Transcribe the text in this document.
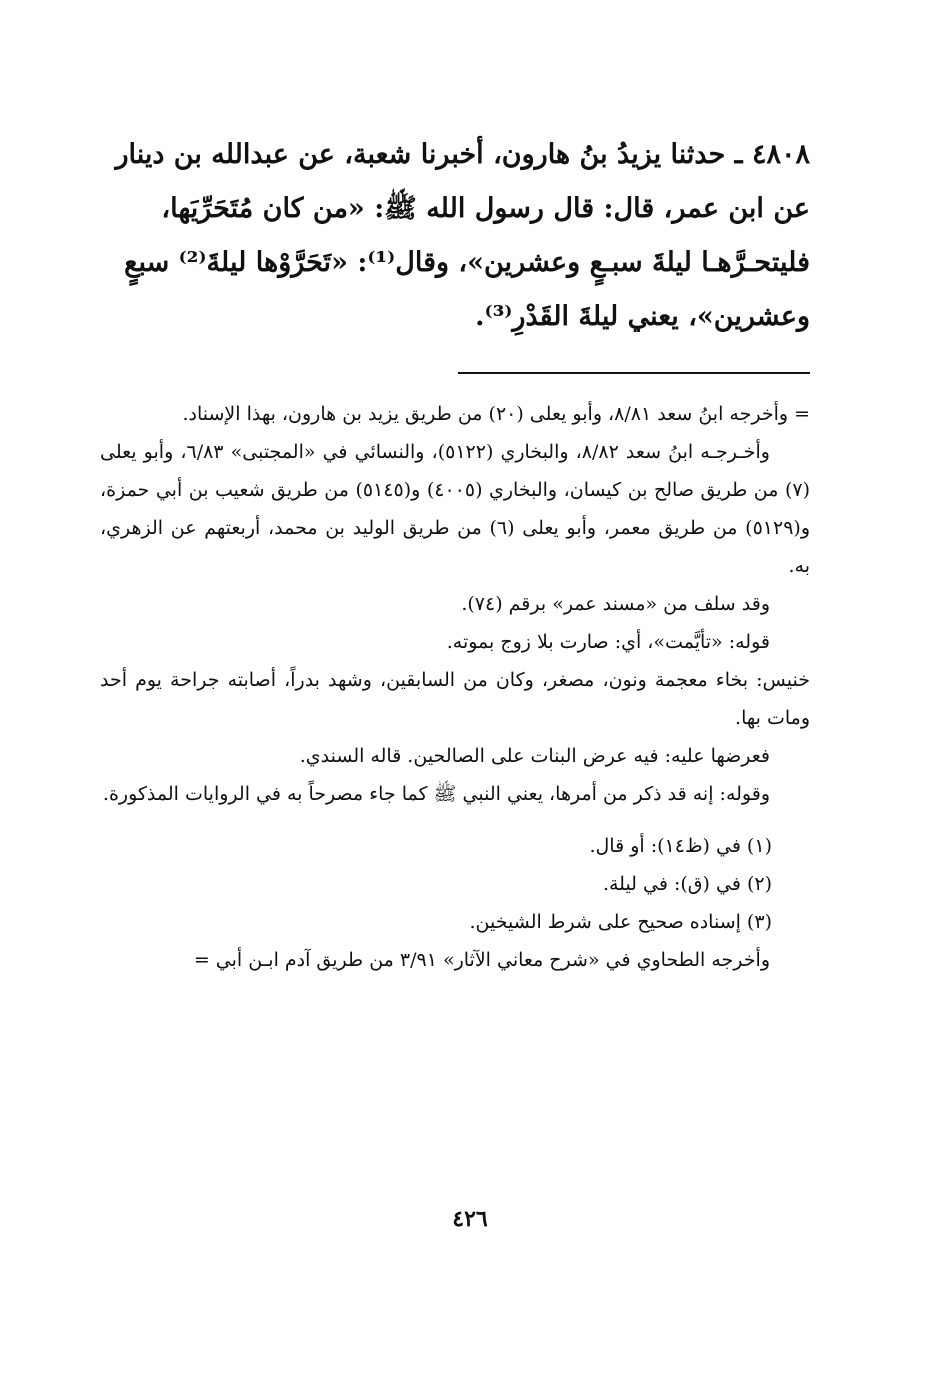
٤٨٠٨ ـ حدثنا يزيدُ بنُ هارون، أخبرنا شعبة، عن عبدالله بن دينار
عن ابن عمر، قال: قال رسول الله ﷺ: «من كان مُتَحَرِّيَها،
فليتحـرَّهـا ليلةَ سبـعٍ وعشرين»، وقال⁽¹⁾: «تَحَرَّوْها ليلةَ⁽²⁾ سبعٍ
وعشرين»، يعني ليلةَ القَدْرِ⁽³⁾.

= وأخرجه ابنُ سعد ٨/٨١، وأبو يعلى (٢٠) من طريق يزيد بن هارون، بهذا الإسناد.

وأخـرجـه ابنُ سعد ٨/٨٢، والبخاري (٥١٢٢)، والنسائي في «المجتبى» ٦/٨٣، وأبو يعلى (٧) من طريق صالح بن كيسان، والبخاري (٤٠٠٥) و(٥١٤٥) من طريق شعيب بن أبي حمزة، و(٥١٢٩) من طريق معمر، وأبو يعلى (٦) من طريق الوليد بن محمد، أربعتهم عن الزهري، به.

وقد سلف من «مسند عمر» برقم (٧٤).

قوله: «تأيَّمت»، أي: صارت بلا زوج بموته.

خنيس: بخاء معجمة ونون، مصغر، وكان من السابقين، وشهد بدراً، أصابته جراحة يوم أحد ومات بها.

فعرضها عليه: فيه عرض البنات على الصالحين. قاله السندي.

وقوله: إنه قد ذكر من أمرها، يعني النبي ﷺ كما جاء مصرحاً به في الروايات المذكورة.

(١) في (ظ١٤): أو قال.

(٢) في (ق): في ليلة.

(٣) إسناده صحيح على شرط الشيخين.

وأخرجه الطحاوي في «شرح معاني الآثار» ٣/٩١ من طريق آدم ابـن أبي =

٤٢٦
